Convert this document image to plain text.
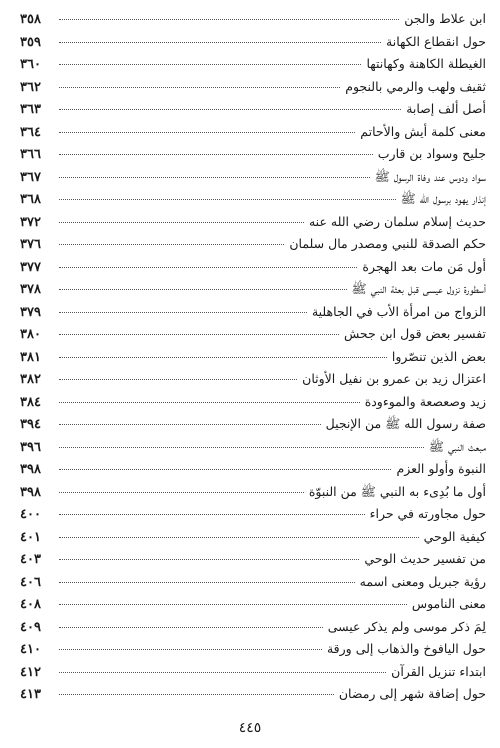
ابن علاط والجن
٣٥٨
حول انقطاع الكهانة
٣٥٩
الغيطلة الكاهنة وكهانتها
٣٦٠
ثقيف ولهب والرمي بالنجوم
٣٦٢
أصل ألف إصابة
٣٦٣
معنى كلمة أيش والأحاتم
٣٦٤
جليح وسواد بن قارب
٣٦٦
سواد ودوس عند وفاة الرسول ﷺ
٣٦٧
إنذار يهود برسول الله ﷺ
٣٦٨
حديث إسلام سلمان رضي الله عنه
٣٧٢
حكم الصدقة للنبي ومصدر مال سلمان
٣٧٦
أول مَن مات بعد الهجرة
٣٧٧
أسطورة نزول عيسى قبل بعثة النبي ﷺ
٣٧٨
الزواج من امرأة الأب في الجاهلية
٣٧٩
تفسير بعض قول ابن جحش
٣٨٠
بعض الذين تنصّروا
٣٨١
اعتزال زيد بن عمرو بن نفيل الأوثان
٣٨٢
زيد وصعصعة والموءودة
٣٨٤
صفة رسول الله ﷺ من الإنجيل
٣٩٤
مبعث النبي ﷺ
٣٩٦
النبوة وأولو العزم
٣٩٨
أول ما بُدِىء به النبي ﷺ من النبوّة
٣٩٨
حول مجاورته في حراء
٤٠٠
كيفية الوحي
٤٠١
من تفسير حديث الوحي
٤٠٣
رؤية جبريل ومعنى اسمه
٤٠٦
معنى الناموس
٤٠٨
لِمَ ذكر موسى ولم يذكر عيسى
٤٠٩
حول اليافوخ والذهاب إلى ورقة
٤١٠
ابتداء تنزيل القرآن
٤١٢
حول إضافة شهر إلى رمضان
٤١٣
٤٤٥
